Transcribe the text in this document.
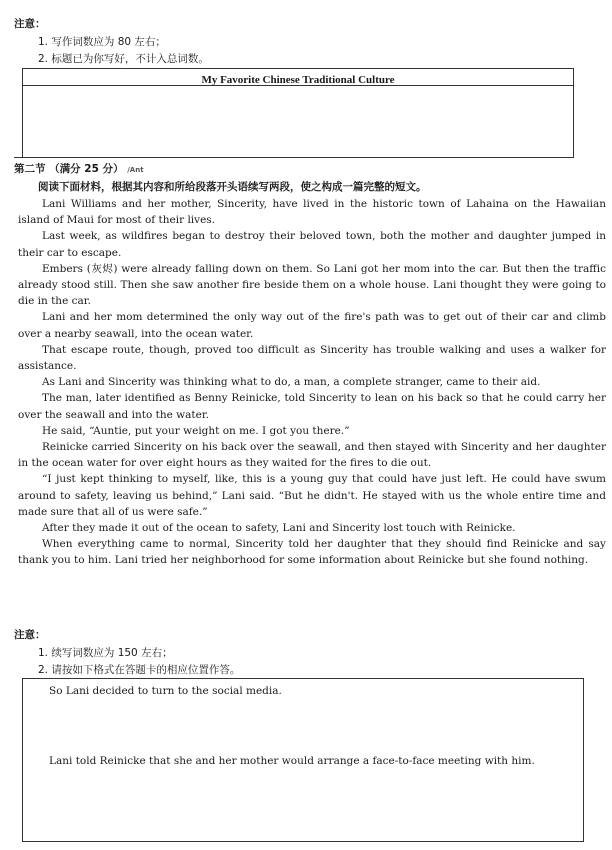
注意：
1. 写作词数应为 80 左右；
2. 标题已为你写好，不计入总词数。
My Favorite Chinese Traditional Culture
第二节 （满分 25 分） /Ant
阅读下面材料，根据其内容和所给段落开头语续写两段，使之构成一篇完整的短文。

Lani Williams and her mother, Sincerity, have lived in the historic town of Lahaina on the Hawaiian island of Maui for most of their lives.

Last week, as wildfires began to destroy their beloved town, both the mother and daughter jumped in their car to escape.

Embers (灰烬) were already falling down on them. So Lani got her mom into the car. But then the traffic already stood still. Then she saw another fire beside them on a whole house. Lani thought they were going to die in the car.

Lani and her mom determined the only way out of the fire's path was to get out of their car and climb over a nearby seawall, into the ocean water.

That escape route, though, proved too difficult as Sincerity has trouble walking and uses a walker for assistance.

As Lani and Sincerity was thinking what to do, a man, a complete stranger, came to their aid.

The man, later identified as Benny Reinicke, told Sincerity to lean on his back so that he could carry her over the seawall and into the water.

He said, “Auntie, put your weight on me. I got you there.”

Reinicke carried Sincerity on his back over the seawall, and then stayed with Sincerity and her daughter in the ocean water for over eight hours as they waited for the fires to die out.

“I just kept thinking to myself, like, this is a young guy that could have just left. He could have swum around to safety, leaving us behind,” Lani said. “But he didn't. He stayed with us the whole entire time and made sure that all of us were safe.”

After they made it out of the ocean to safety, Lani and Sincerity lost touch with Reinicke.

When everything came to normal, Sincerity told her daughter that they should find Reinicke and say thank you to him. Lani tried her neighborhood for some information about Reinicke but she found nothing.

注意：
1. 续写词数应为 150 左右；
2. 请按如下格式在答题卡的相应位置作答。
So Lani decided to turn to the social media.
Lani told Reinicke that she and her mother would arrange a face-to-face meeting with him.
